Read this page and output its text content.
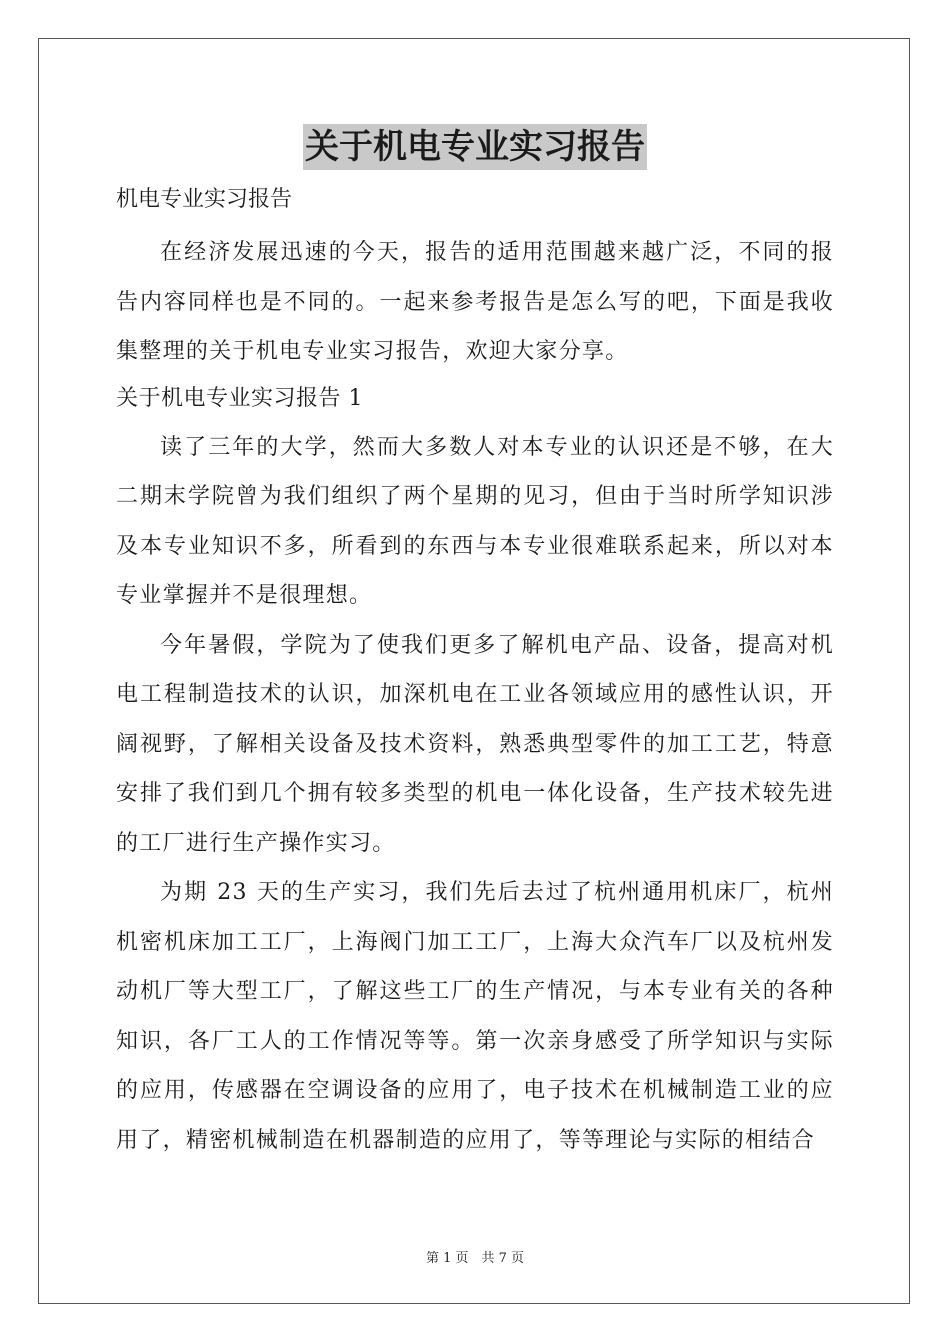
关于机电专业实习报告

机电专业实习报告

在经济发展迅速的今天，报告的适用范围越来越广泛，不同的报告内容同样也是不同的。一起来参考报告是怎么写的吧，下面是我收集整理的关于机电专业实习报告，欢迎大家分享。

关于机电专业实习报告 1

读了三年的大学，然而大多数人对本专业的认识还是不够，在大二期末学院曾为我们组织了两个星期的见习，但由于当时所学知识涉及本专业知识不多，所看到的东西与本专业很难联系起来，所以对本专业掌握并不是很理想。

今年暑假，学院为了使我们更多了解机电产品、设备，提高对机电工程制造技术的认识，加深机电在工业各领域应用的感性认识，开阔视野，了解相关设备及技术资料，熟悉典型零件的加工工艺，特意安排了我们到几个拥有较多类型的机电一体化设备，生产技术较先进的工厂进行生产操作实习。

为期 23 天的生产实习，我们先后去过了杭州通用机床厂，杭州机密机床加工工厂，上海阀门加工工厂，上海大众汽车厂以及杭州发动机厂等大型工厂，了解这些工厂的生产情况，与本专业有关的各种知识，各厂工人的工作情况等等。第一次亲身感受了所学知识与实际的应用，传感器在空调设备的应用了，电子技术在机械制造工业的应用了，精密机械制造在机器制造的应用了，等等理论与实际的相结合

第 1 页　共 7 页
